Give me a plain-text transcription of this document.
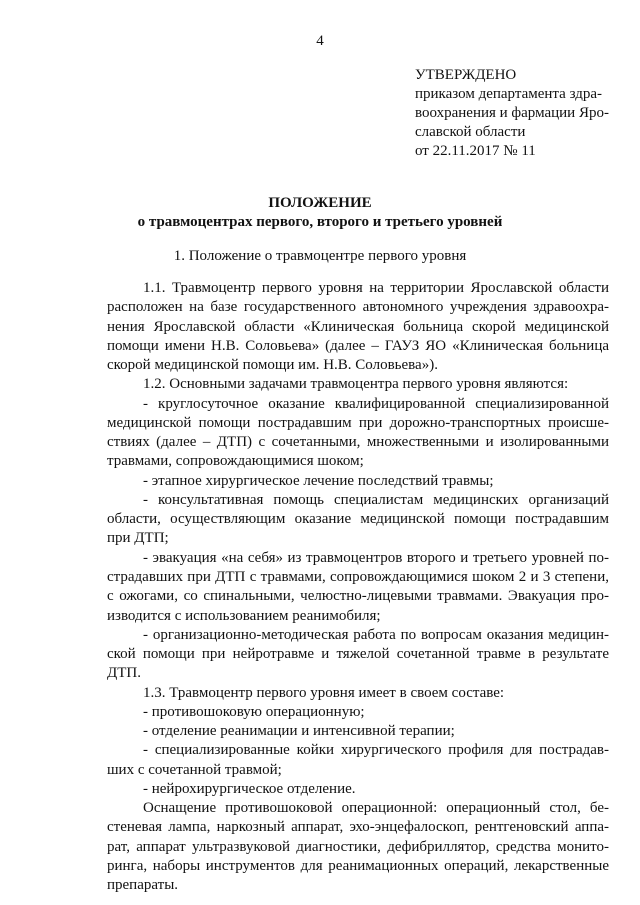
4
УТВЕРЖДЕНО
приказом департамента здра-
воохранения и фармации Яро-
славской области
от 22.11.2017 № 11
ПОЛОЖЕНИЕ
о травмоцентрах первого, второго и третьего уровней
1. Положение о травмоцентре первого уровня
1.1. Травмоцентр первого уровня на территории Ярославской области
расположен на базе государственного автономного учреждения здравоохра-
нения Ярославской области «Клиническая больница скорой медицинской
помощи имени Н.В. Соловьева» (далее – ГАУЗ ЯО «Клиническая больница
скорой медицинской помощи им. Н.В. Соловьева»).
1.2. Основными задачами травмоцентра первого уровня являются:
- круглосуточное оказание квалифицированной специализированной
медицинской помощи пострадавшим при дорожно-транспортных происше-
ствиях (далее – ДТП) с сочетанными, множественными и изолированными
травмами, сопровождающимися шоком;
- этапное хирургическое лечение последствий травмы;
- консультативная помощь специалистам медицинских организаций
области, осуществляющим оказание медицинской помощи пострадавшим
при ДТП;
- эвакуация «на себя» из травмоцентров второго и третьего уровней по-
страдавших при ДТП с травмами, сопровождающимися шоком 2 и 3 степени,
с ожогами, со спинальными, челюстно-лицевыми травмами. Эвакуация про-
изводится с использованием реанимобиля;
- организационно-методическая работа по вопросам оказания медицин-
ской помощи при нейротравме и тяжелой сочетанной травме в результате
ДТП.
1.3. Травмоцентр первого уровня имеет в своем составе:
- противошоковую операционную;
- отделение реанимации и интенсивной терапии;
- специализированные койки хирургического профиля для пострадав-
ших с сочетанной травмой;
- нейрохирургическое отделение.
Оснащение противошоковой операционной: операционный стол, бе-
стеневая лампа, наркозный аппарат, эхо-энцефалоскоп, рентгеновский аппа-
рат, аппарат ультразвуковой диагностики, дефибриллятор, средства монито-
ринга, наборы инструментов для реанимационных операций, лекарственные
препараты.
